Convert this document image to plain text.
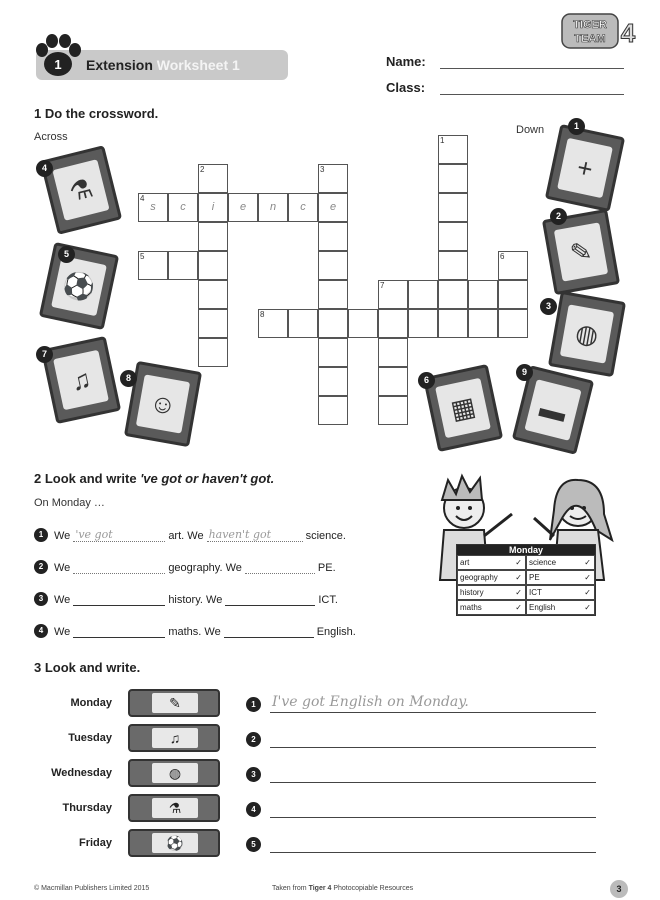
1 Extension Worksheet 1
TIGER
TEAM 4
Name:
Class:
1 Do the crossword.
Across
Down
s	c	i	e	n	c	e
4
2	3
1
5
7
6
8
⚗
4
⚽
5
♫
7
☺
8
+
1
✎
2
◍
3
▦
6
▬
9
2 Look and write 've got or haven't got.
On Monday …
1 We 've got	art. We haven't got	science.
2 We	geography. We	PE.
3 We	history. We	ICT.
4 We	maths. We	English.
Monday
art	✓ science	✓
geography ✓ PE	✓
history	✓ ICT	✓
maths	✓ English	✓
3 Look and write.
Monday
Tuesday
Wednesday
Thursday
Friday
✎
♫
◍
⚗
⚽
1
2
3
4
5
I've got English on Monday.
© Macmillan Publishers Limited 2015	Taken from Tiger 4 Photocopiable Resources	3
